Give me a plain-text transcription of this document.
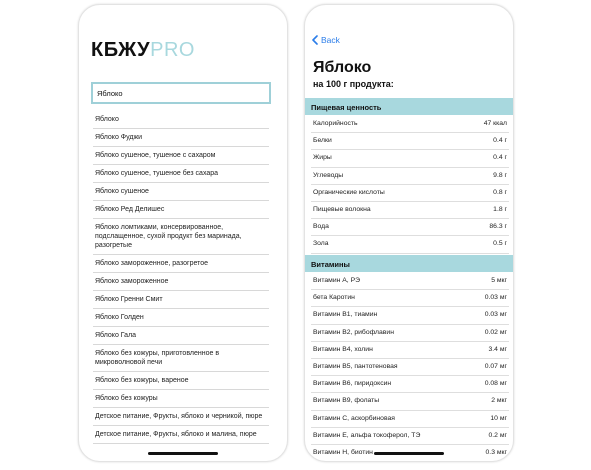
КБЖУPRO
Яблоко
Яблоко
Яблоко Фуджи
Яблоко сушеное, тушеное с сахаром
Яблоко сушеное, тушеное без сахара
Яблоко сушеное
Яблоко Ред Делишес
Яблоко ломтиками, консервированное, подслащенное, сухой продукт без маринада, разогретые
Яблоко замороженное, разогретое
Яблоко замороженное
Яблоко Гренни Смит
Яблоко Голден
Яблоко Гала
Яблоко без кожуры, приготовленное в микроволновой печи
Яблоко без кожуры, вареное
Яблоко без кожуры
Детское питание, Фрукты, яблоко и черникой, пюре
Детское питание, Фрукты, яблоко и малина, пюре
Back
Яблоко
на 100 г продукта:
Пищевая ценность
Калорийность	47 ккал
Белки	0.4 г
Жиры	0.4 г
Углеводы	9.8 г
Органические кислоты	0.8 г
Пищевые волокна	1.8 г
Вода	86.3 г
Зола	0.5 г
Витамины
Витамин А, РЭ	5 мкг
бета Каротин	0.03 мг
Витамин В1, тиамин	0.03 мг
Витамин В2, рибофлавин	0.02 мг
Витамин В4, холин	3.4 мг
Витамин В5, пантотеновая	0.07 мг
Витамин В6, пиридоксин	0.08 мг
Витамин В9, фолаты	2 мкг
Витамин C, аскорбиновая	10 мг
Витамин Е, альфа токоферол, ТЭ	0.2 мг
Витамин Н, биотин	0.3 мкг
